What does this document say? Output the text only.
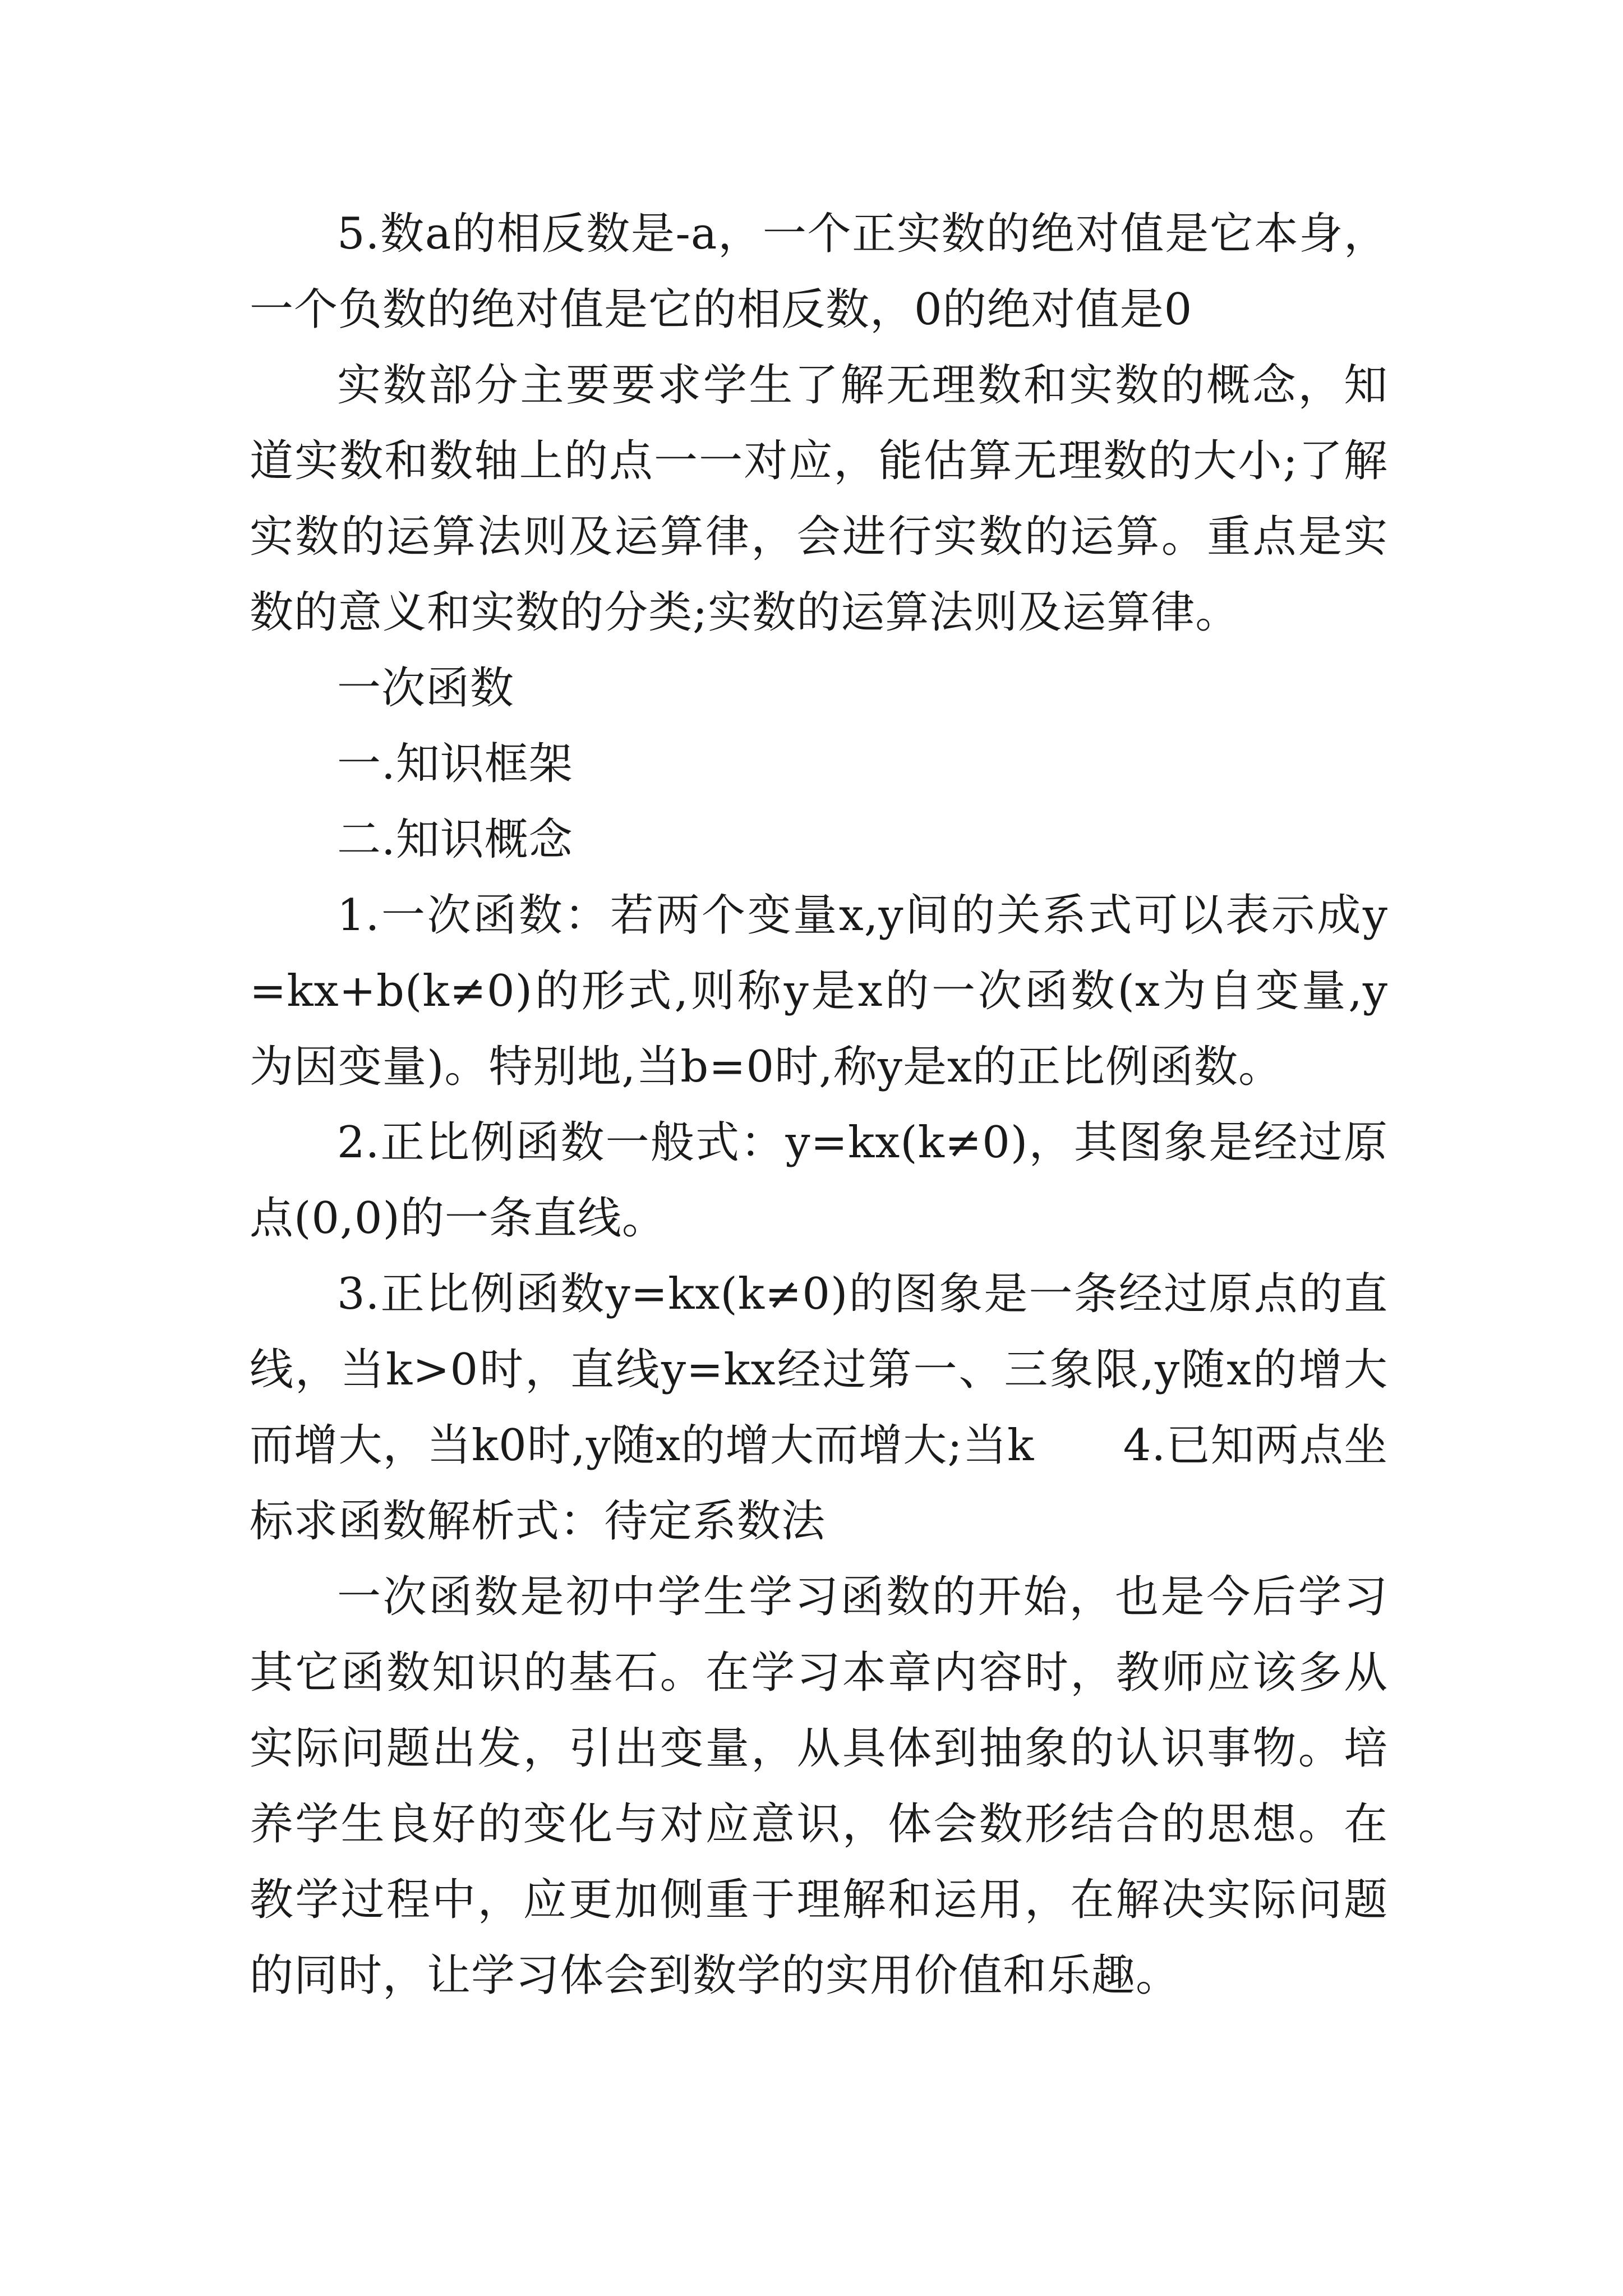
5.数a的相反数是-a，一个正实数的绝对值是它本身，一个负数的绝对值是它的相反数，0的绝对值是0

实数部分主要要求学生了解无理数和实数的概念，知道实数和数轴上的点一一对应，能估算无理数的大小;了解实数的运算法则及运算律，会进行实数的运算。重点是实数的意义和实数的分类;实数的运算法则及运算律。

一次函数

一.知识框架

二.知识概念

1.一次函数：若两个变量x,y间的关系式可以表示成y=kx+b(k≠0)的形式,则称y是x的一次函数(x为自变量,y为因变量)。特别地,当b=0时,称y是x的正比例函数。

2.正比例函数一般式：y=kx(k≠0)，其图象是经过原点(0,0)的一条直线。

3.正比例函数y=kx(k≠0)的图象是一条经过原点的直线，当k>0时，直线y=kx经过第一、三象限,y随x的增大而增大，当k0时,y随x的增大而增大;当k　　4.已知两点坐标求函数解析式：待定系数法

一次函数是初中学生学习函数的开始，也是今后学习其它函数知识的基石。在学习本章内容时，教师应该多从实际问题出发，引出变量，从具体到抽象的认识事物。培养学生良好的变化与对应意识，体会数形结合的思想。在教学过程中，应更加侧重于理解和运用，在解决实际问题的同时，让学习体会到数学的实用价值和乐趣。
